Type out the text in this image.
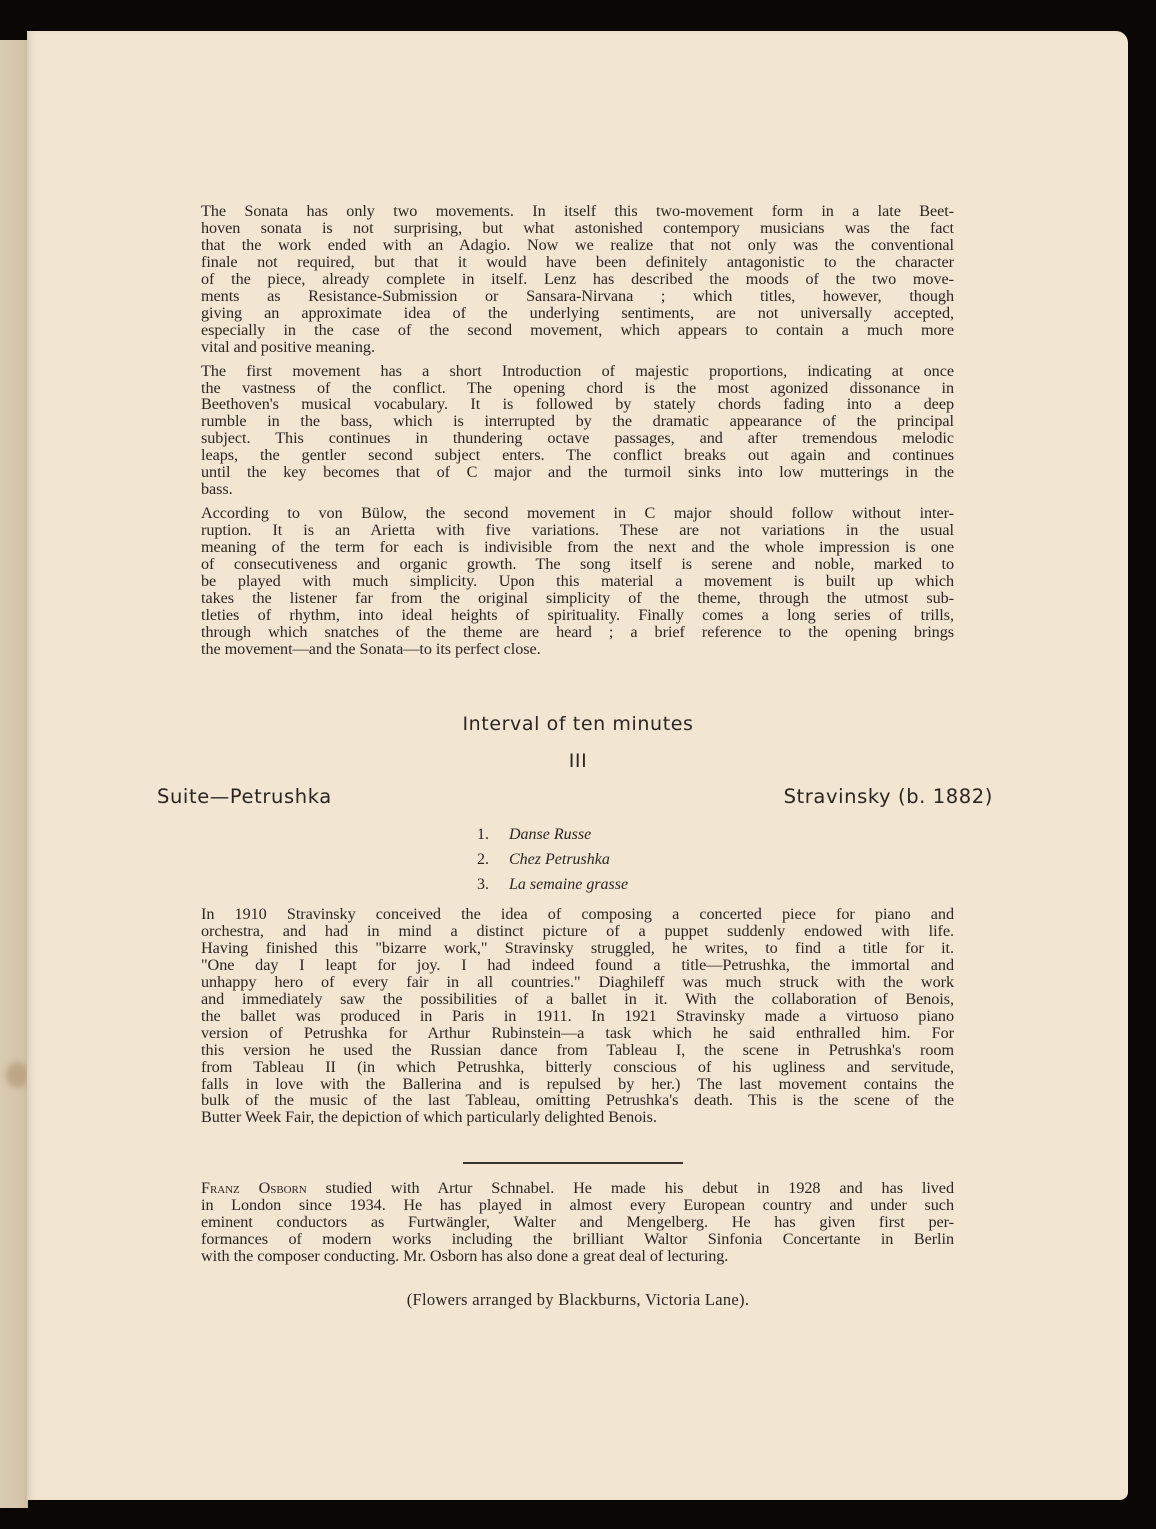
The Sonata has only two movements. In itself this two-movement form in a late Beet-
hoven sonata is not surprising, but what astonished contempory musicians was the fact
that the work ended with an Adagio. Now we realize that not only was the conventional
finale not required, but that it would have been definitely antagonistic to the character
of the piece, already complete in itself. Lenz has described the moods of the two move-
ments as Resistance-Submission or Sansara-Nirvana ; which titles, however, though
giving an approximate idea of the underlying sentiments, are not universally accepted,
especially in the case of the second movement, which appears to contain a much more
vital and positive meaning.
The first movement has a short Introduction of majestic proportions, indicating at once
the vastness of the conflict. The opening chord is the most agonized dissonance in
Beethoven's musical vocabulary. It is followed by stately chords fading into a deep
rumble in the bass, which is interrupted by the dramatic appearance of the principal
subject. This continues in thundering octave passages, and after tremendous melodic
leaps, the gentler second subject enters. The conflict breaks out again and continues
until the key becomes that of C major and the turmoil sinks into low mutterings in the
bass.
According to von Bülow, the second movement in C major should follow without inter-
ruption. It is an Arietta with five variations. These are not variations in the usual
meaning of the term for each is indivisible from the next and the whole impression is one
of consecutiveness and organic growth. The song itself is serene and noble, marked to
be played with much simplicity. Upon this material a movement is built up which
takes the listener far from the original simplicity of the theme, through the utmost sub-
tleties of rhythm, into ideal heights of spirituality. Finally comes a long series of trills,
through which snatches of the theme are heard ; a brief reference to the opening brings
the movement—and the Sonata—to its perfect close.
Interval of ten minutes
III
Suite—Petrushka	Stravinsky (b. 1882)
1. Danse Russe
2. Chez Petrushka
3. La semaine grasse
In 1910 Stravinsky conceived the idea of composing a concerted piece for piano and
orchestra, and had in mind a distinct picture of a puppet suddenly endowed with life.
Having finished this "bizarre work," Stravinsky struggled, he writes, to find a title for it.
"One day I leapt for joy. I had indeed found a title—Petrushka, the immortal and
unhappy hero of every fair in all countries." Diaghileff was much struck with the work
and immediately saw the possibilities of a ballet in it. With the collaboration of Benois,
the ballet was produced in Paris in 1911. In 1921 Stravinsky made a virtuoso piano
version of Petrushka for Arthur Rubinstein—a task which he said enthralled him. For
this version he used the Russian dance from Tableau I, the scene in Petrushka's room
from Tableau II (in which Petrushka, bitterly conscious of his ugliness and servitude,
falls in love with the Ballerina and is repulsed by her.) The last movement contains the
bulk of the music of the last Tableau, omitting Petrushka's death. This is the scene of the
Butter Week Fair, the depiction of which particularly delighted Benois.
Franz Osborn studied with Artur Schnabel. He made his debut in 1928 and has lived
in London since 1934. He has played in almost every European country and under such
eminent conductors as Furtwängler, Walter and Mengelberg. He has given first per-
formances of modern works including the brilliant Waltor Sinfonia Concertante in Berlin
with the composer conducting. Mr. Osborn has also done a great deal of lecturing.
(Flowers arranged by Blackburns, Victoria Lane).
